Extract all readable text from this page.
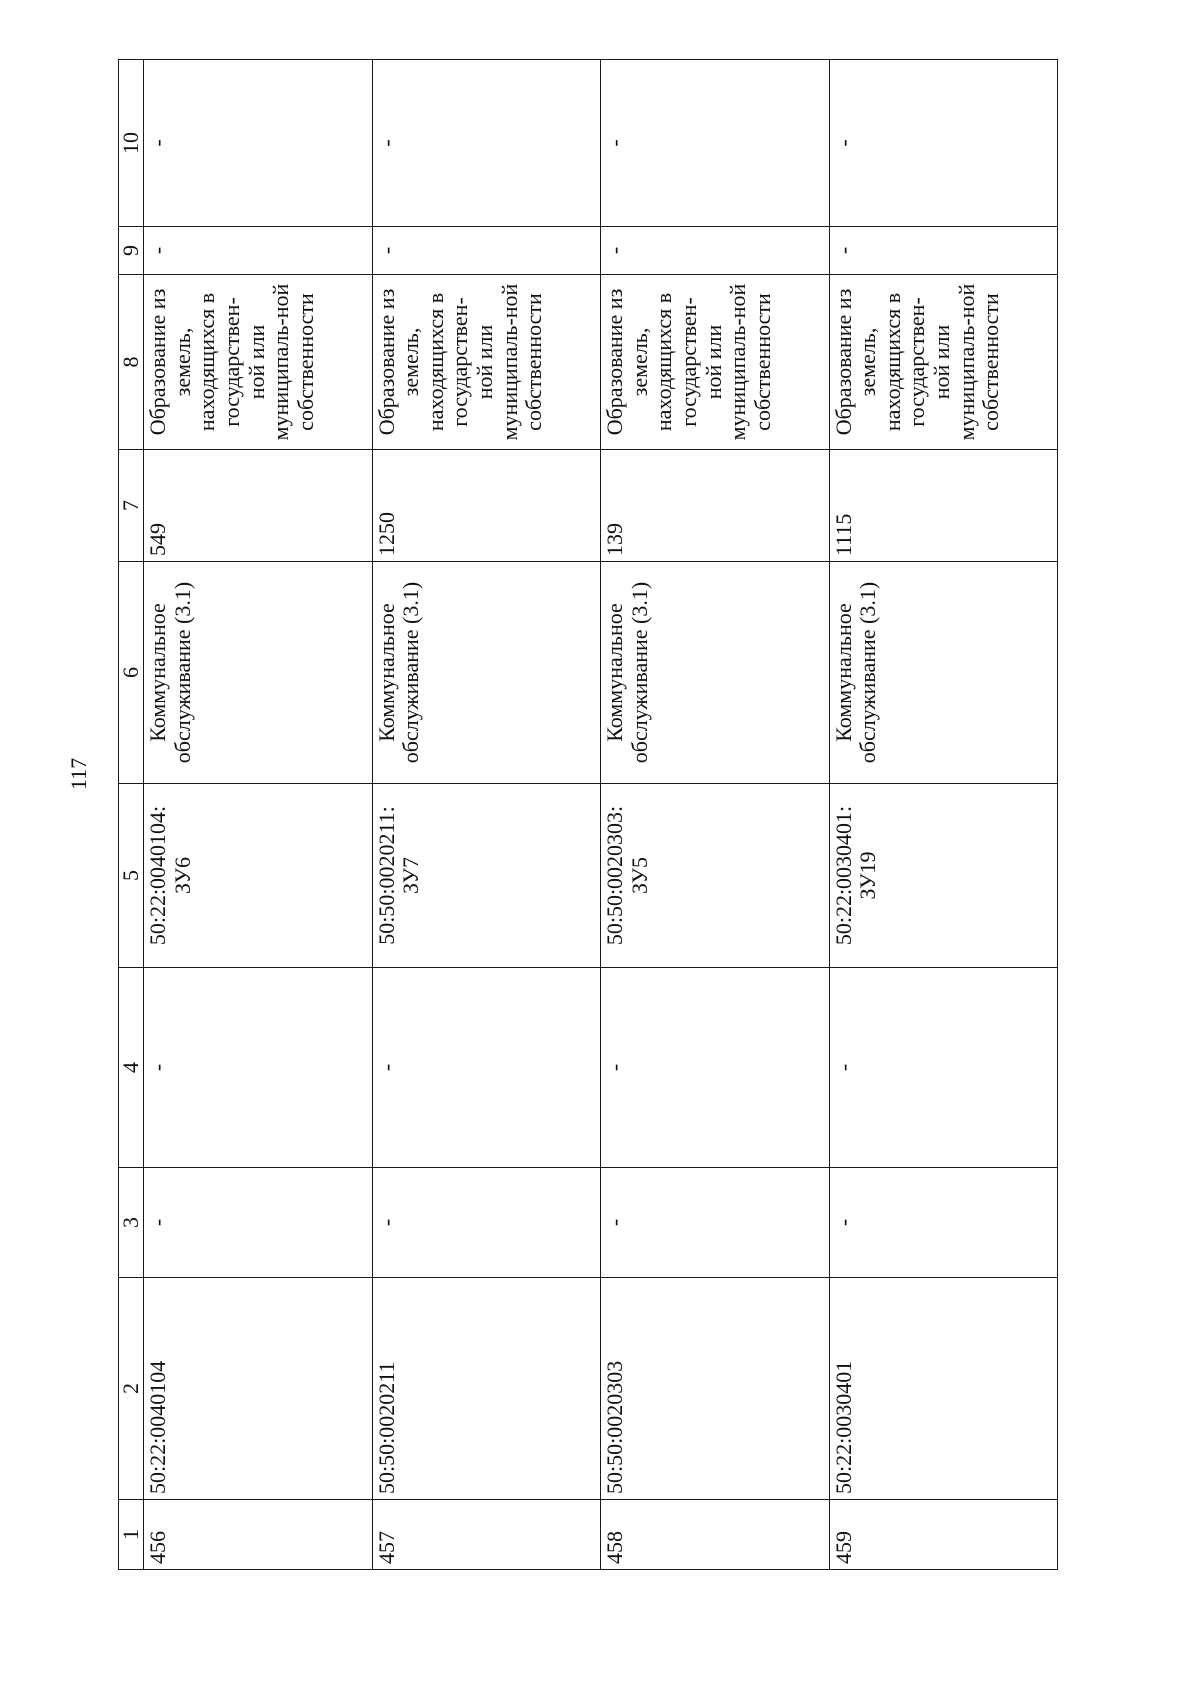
117
1	2	3	4	5	6	7	8	9	10
456	50:22:0040104	-	-	50:22:0040104: ЗУ6	Коммунальное обслуживание (3.1)	549	Образование из земель, находящихся в государствен-ной или муниципаль-ной собственности	-	-
457	50:50:0020211	-	-	50:50:0020211: ЗУ7	Коммунальное обслуживание (3.1)	1250	Образование из земель, находящихся в государствен-ной или муниципаль-ной собственности	-	-
458	50:50:0020303	-	-	50:50:0020303: ЗУ5	Коммунальное обслуживание (3.1)	139	Образование из земель, находящихся в государствен-ной или муниципаль-ной собственности	-	-
459	50:22:0030401	-	-	50:22:0030401: ЗУ19	Коммунальное обслуживание (3.1)	1115	Образование из земель, находящихся в государствен-ной или муниципаль-ной собственности	-	-
